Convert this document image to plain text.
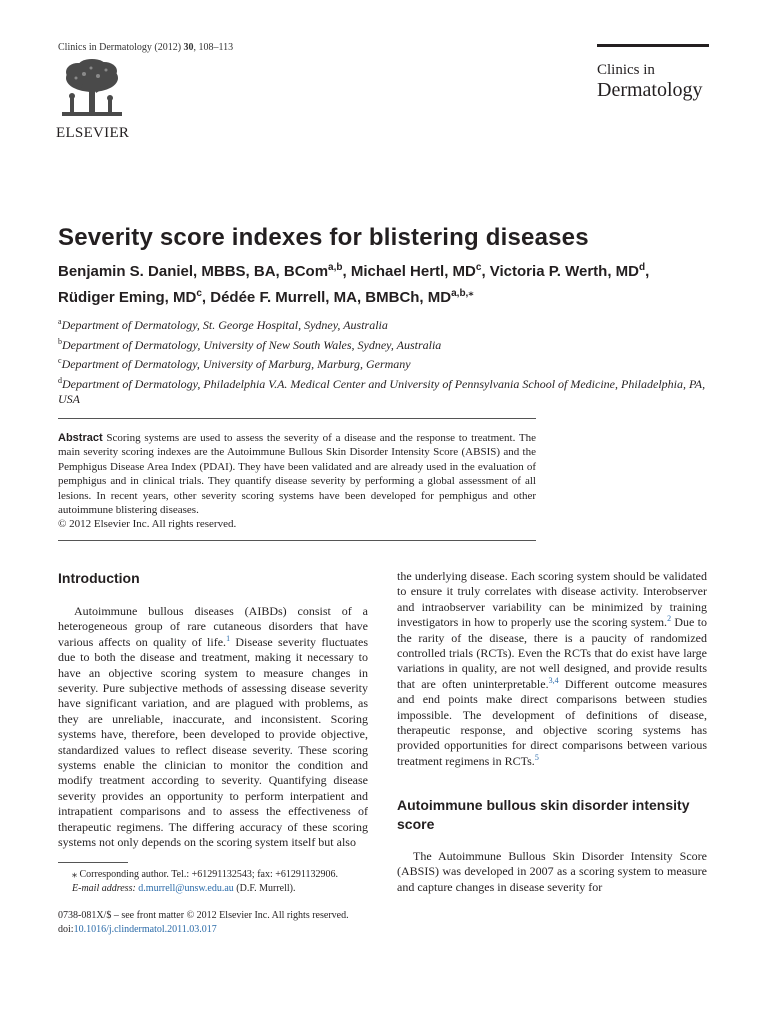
Clinics in Dermatology (2012) 30, 108–113
ELSEVIER
Clinics in
Dermatology
Severity score indexes for blistering diseases
Benjamin S. Daniel, MBBS, BA, BCom$^{a,b}$, Michael Hertl, $MD^c$, Victoria P. Werth, $MD^d$,
Rüdiger Eming, $MD^c$, Dédée F. Murrell, MA, BMBCh, $MD^{a,b,⁎}$
$^a$Department of Dermatology, St. George Hospital, Sydney, Australia
$^b$Department of Dermatology, University of New South Wales, Sydney, Australia
$^c$Department of Dermatology, University of Marburg, Marburg, Germany
$^d$Department of Dermatology, Philadelphia V.A. Medical Center and University of Pennsylvania School of Medicine, Philadelphia, PA, USA
Abstract Scoring systems are used to assess the severity of a disease and the response to treatment. The main severity scoring indexes are the Autoimmune Bullous Skin Disorder Intensity Score (ABSIS) and the Pemphigus Disease Area Index (PDAI). They have been validated and are already used in the evaluation of pemphigus and in clinical trials. They quantify disease severity by performing a global assessment of all lesions. In recent years, other severity scoring systems have been developed for pemphigus and other autoimmune blistering diseases.
© 2012 Elsevier Inc. All rights reserved.
Introduction

Autoimmune bullous diseases (AIBDs) consist of a heterogeneous group of rare cutaneous disorders that have various affects on quality of life.$^1$ Disease severity fluctuates due to both the disease and treatment, making it necessary to have an objective scoring system to measure changes in severity. Pure subjective methods of assessing disease severity have significant variation, and are plagued with problems, as they are unreliable, inaccurate, and inconsistent. Scoring systems have, therefore, been developed to provide objective, standardized values to reflect disease severity. These scoring systems enable the clinician to monitor the condition and modify treatment according to severity. Quantifying disease severity provides an opportunity to perform interpatient and intrapatient comparisons and to assess the effectiveness of therapeutic regimens. The differing accuracy of these scoring systems not only depends on the scoring system itself but also

the underlying disease. Each scoring system should be validated to ensure it truly correlates with disease activity. Interobserver and intraobserver variability can be minimized by training investigators in how to properly use the scoring system.$^2$ Due to the rarity of the disease, there is a paucity of randomized controlled trials (RCTs). Even the RCTs that do exist have large variations in quality, are not well designed, and provide results that are often uninterpretable.$^{3,4}$ Different outcome measures and end points make direct comparisons between studies impossible. The development of definitions of disease, therapeutic response, and objective scoring systems has provided opportunities for direct comparisons between various treatment regimens in RCTs.$^5$

Autoimmune bullous skin disorder intensity score

The Autoimmune Bullous Skin Disorder Intensity Score (ABSIS) was developed in 2007 as a scoring system to measure and capture changes in disease severity for

⁎ Corresponding author. Tel.: +61291132543; fax: +61291132906.
E-mail address: d.murrell@unsw.edu.au (D.F. Murrell).
0738-081X/$ – see front matter © 2012 Elsevier Inc. All rights reserved.
doi:10.1016/j.clindermatol.2011.03.017
